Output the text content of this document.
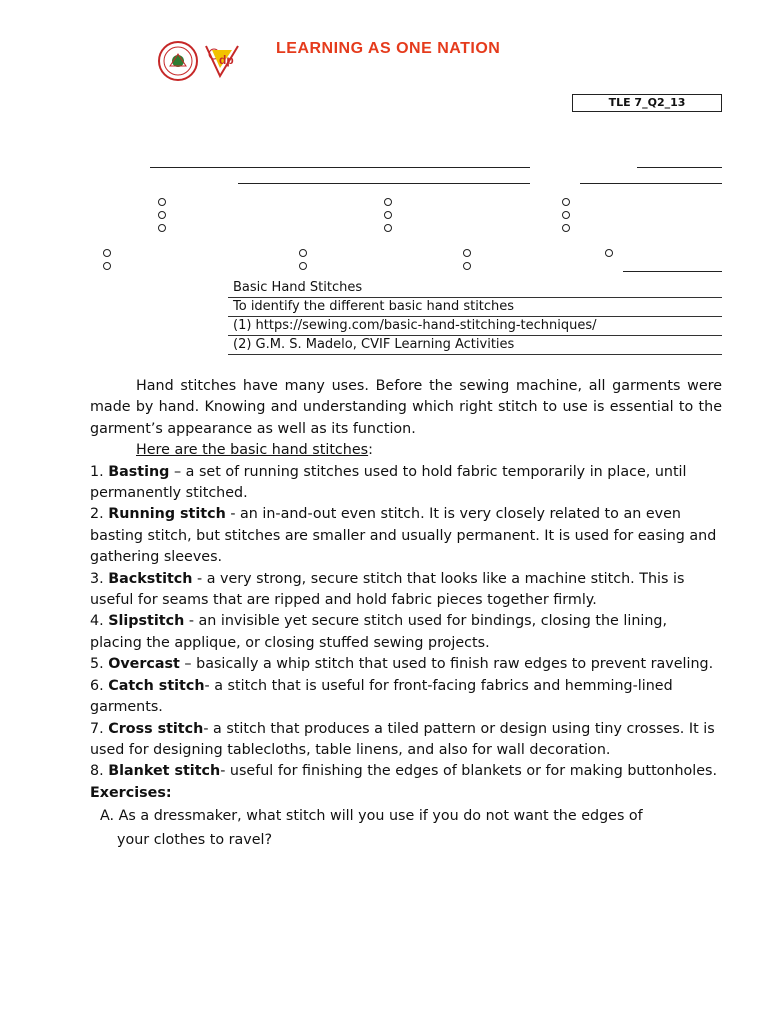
dp
LEARNING AS ONE NATION
TLE 7_Q2_13
Basic Hand Stitches
To identify the different basic hand stitches
(1) https://sewing.com/basic-hand-stitching-techniques/
(2) G.M. S. Madelo, CVIF Learning Activities

Hand stitches have many uses. Before the sewing machine, all garments were made by hand. Knowing and understanding which right stitch to use is essential to the garment’s appearance as well as its function.

Here are the basic hand stitches:

1. Basting – a set of running stitches used to hold fabric temporarily in place, until permanently stitched.
2. Running stitch - an in-and-out even stitch. It is very closely related to an even basting stitch, but stitches are smaller and usually permanent. It is used for easing and gathering sleeves.
3. Backstitch - a very strong, secure stitch that looks like a machine stitch. This is useful for seams that are ripped and hold fabric pieces together firmly.
4. Slipstitch - an invisible yet secure stitch used for bindings, closing the lining, placing the applique, or closing stuffed sewing projects.
5. Overcast – basically a whip stitch that used to finish raw edges to prevent raveling.
6. Catch stitch- a stitch that is useful for front-facing fabrics and hemming-lined garments.
7. Cross stitch- a stitch that produces a tiled pattern or design using tiny crosses. It is used for designing tablecloths, table linens, and also for wall decoration.
8. Blanket stitch- useful for finishing the edges of blankets or for making buttonholes.

Exercises:

A. As a dressmaker, what stitch will you use if you do not want the edges of
your clothes to ravel?
